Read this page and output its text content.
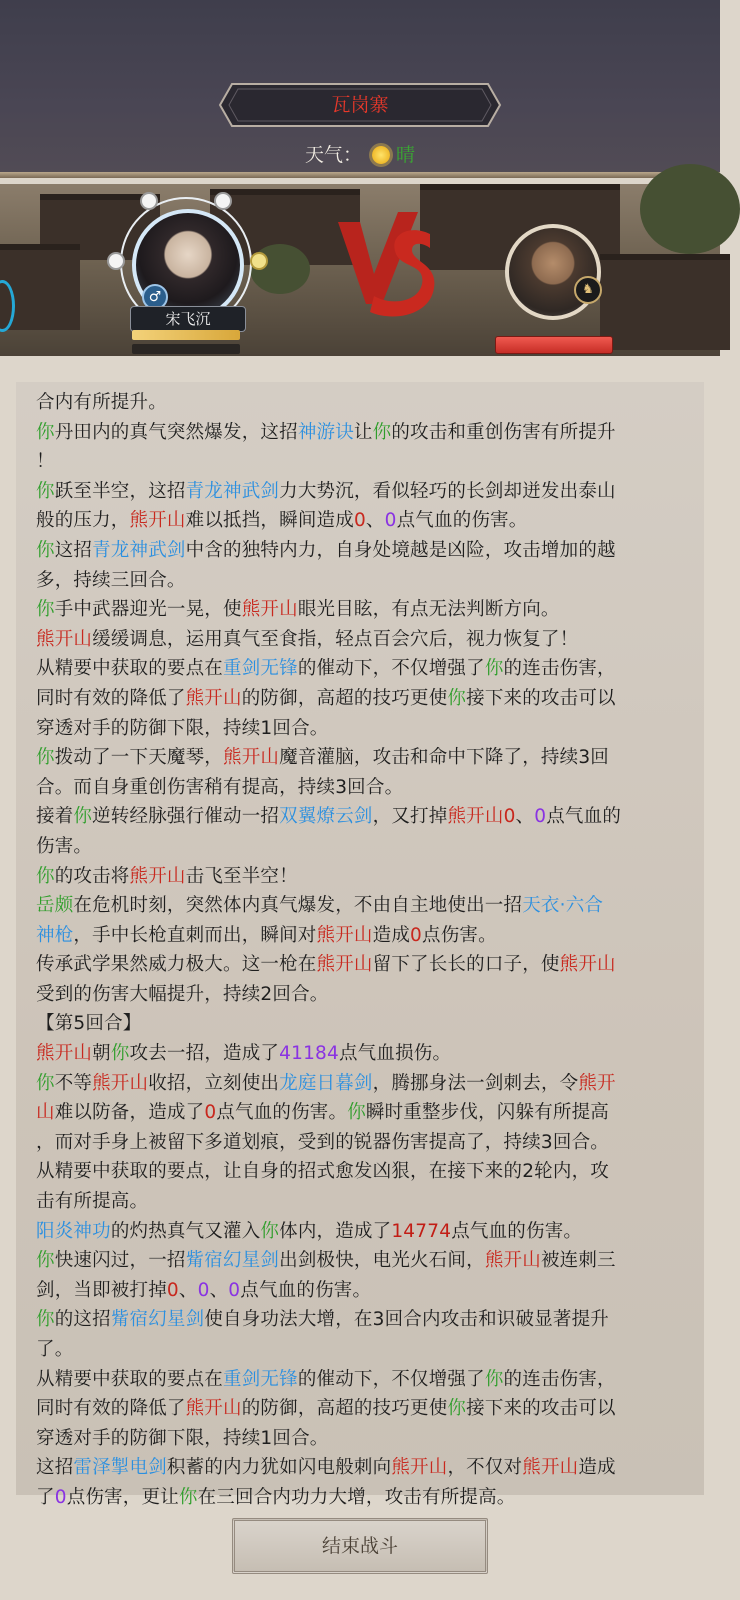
瓦岗寨
天气： 晴
♂
宋飞沉
♞

合内有所提升。

你丹田内的真气突然爆发，这招神游诀让你的攻击和重创伤害有所提升

！

你跃至半空，这招青龙神武剑力大势沉，看似轻巧的长剑却迸发出泰山

般的压力，熊开山难以抵挡，瞬间造成0、0点气血的伤害。

你这招青龙神武剑中含的独特内力，自身处境越是凶险，攻击增加的越

多，持续三回合。

你手中武器迎光一晃，使熊开山眼光目眩，有点无法判断方向。

熊开山缓缓调息，运用真气至食指，轻点百会穴后，视力恢复了！

从精要中获取的要点在重剑无锋的催动下，不仅增强了你的连击伤害，

同时有效的降低了熊开山的防御，高超的技巧更使你接下来的攻击可以

穿透对手的防御下限，持续1回合。

你拨动了一下天魔琴，熊开山魔音灌脑，攻击和命中下降了，持续3回

合。而自身重创伤害稍有提高，持续3回合。

接着你逆转经脉强行催动一招双翼燎云剑，又打掉熊开山0、0点气血的

伤害。

你的攻击将熊开山击飞至半空！

岳颇在危机时刻，突然体内真气爆发，不由自主地使出一招天衣·六合

神枪，手中长枪直刺而出，瞬间对熊开山造成0点伤害。

传承武学果然威力极大。这一枪在熊开山留下了长长的口子，使熊开山

受到的伤害大幅提升，持续2回合。

【第5回合】

熊开山朝你攻去一招，造成了41184点气血损伤。

你不等熊开山收招，立刻使出龙庭日暮剑，腾挪身法一剑刺去，令熊开

山难以防备，造成了0点气血的伤害。你瞬时重整步伐，闪躲有所提高

，而对手身上被留下多道划痕，受到的锐器伤害提高了，持续3回合。

从精要中获取的要点，让自身的招式愈发凶狠，在接下来的2轮内，攻

击有所提高。

阳炎神功的灼热真气又灌入你体内，造成了14774点气血的伤害。

你快速闪过，一招觜宿幻星剑出剑极快，电光火石间，熊开山被连刺三

剑，当即被打掉0、0、0点气血的伤害。

你的这招觜宿幻星剑使自身功法大增，在3回合内攻击和识破显著提升

了。

从精要中获取的要点在重剑无锋的催动下，不仅增强了你的连击伤害，

同时有效的降低了熊开山的防御，高超的技巧更使你接下来的攻击可以

穿透对手的防御下限，持续1回合。

这招雷泽掣电剑积蓄的内力犹如闪电般刺向熊开山，不仅对熊开山造成

了0点伤害，更让你在三回合内功力大增，攻击有所提高。

结束战斗
